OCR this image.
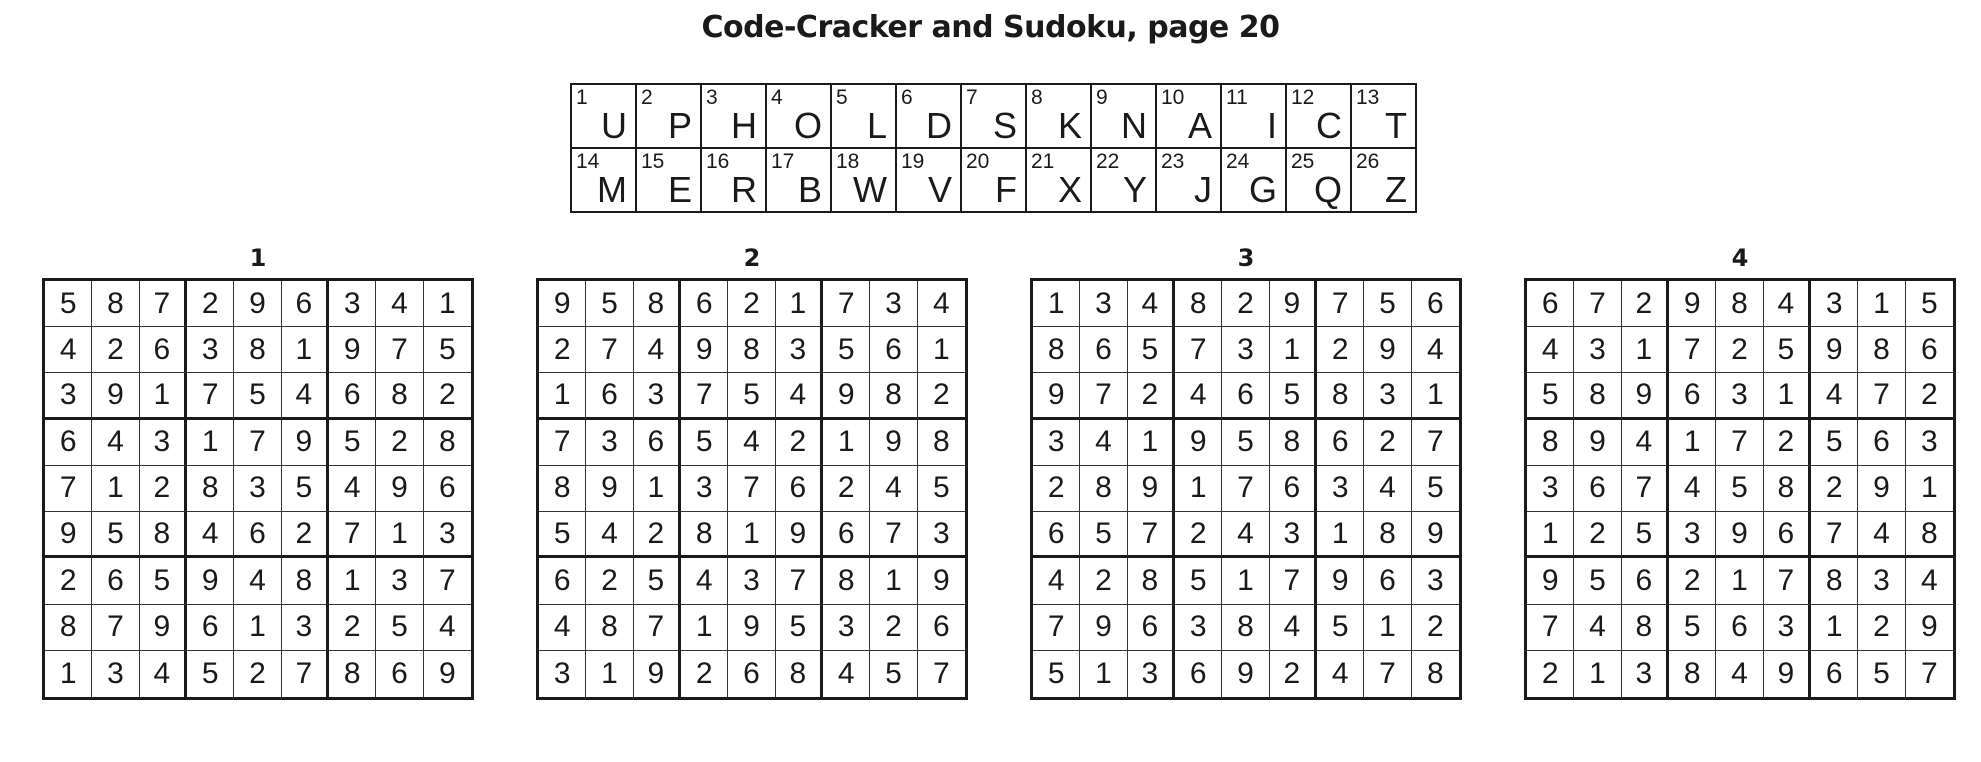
Code-Cracker and Sudoku, page 20
1
U
2
P
3
H
4
O
5
L
6
D
7
S
8
K
9
N
10
A
11
I
12
C
13
T
14
M
15
E
16
R
17
B
18
W
19
V
20
F
21
X
22
Y
23
J
24
G
25
Q
26
Z
1
5	8 7	2	9 6	3	4	1
4	2 6	3	8 1	9	7	5
3	9 1	7	5 4	6	8	2
6	4 3	1	7 9	5	2	8
7	1 2	8	3 5	4	9	6
9	5 8	4	6 2	7	1	3
2	6 5	9	4 8	1	3	7
8	7 9	6	1 3	2	5	4
1	3 4	5	2 7	8	6	9
2
9	5 8	6	2 1	7	3	4
2	7 4	9	8 3	5	6	1
1	6 3	7	5 4	9	8	2
7	3 6	5	4 2	1	9	8
8	9 1	3	7 6	2	4	5
5	4 2	8	1 9	6	7	3
6	2 5	4	3 7	8	1	9
4	8 7	1	9 5	3	2	6
3	1 9	2	6 8	4	5	7
3
1	3 4	8	2 9	7	5	6
8	6 5	7	3 1	2	9	4
9	7 2	4	6 5	8	3	1
3	4 1	9	5 8	6	2	7
2	8 9	1	7 6	3	4	5
6	5 7	2	4 3	1	8	9
4	2 8	5	1 7	9	6	3
7	9 6	3	8 4	5	1	2
5	1 3	6	9 2	4	7	8
4
6	7 2	9	8 4	3	1	5
4	3 1	7	2 5	9	8	6
5	8 9	6	3 1	4	7	2
8	9 4	1	7 2	5	6	3
3	6 7	4	5 8	2	9	1
1	2 5	3	9 6	7	4	8
9	5 6	2	1 7	8	3	4
7	4 8	5	6 3	1	2	9
2	1 3	8	4 9	6	5	7
